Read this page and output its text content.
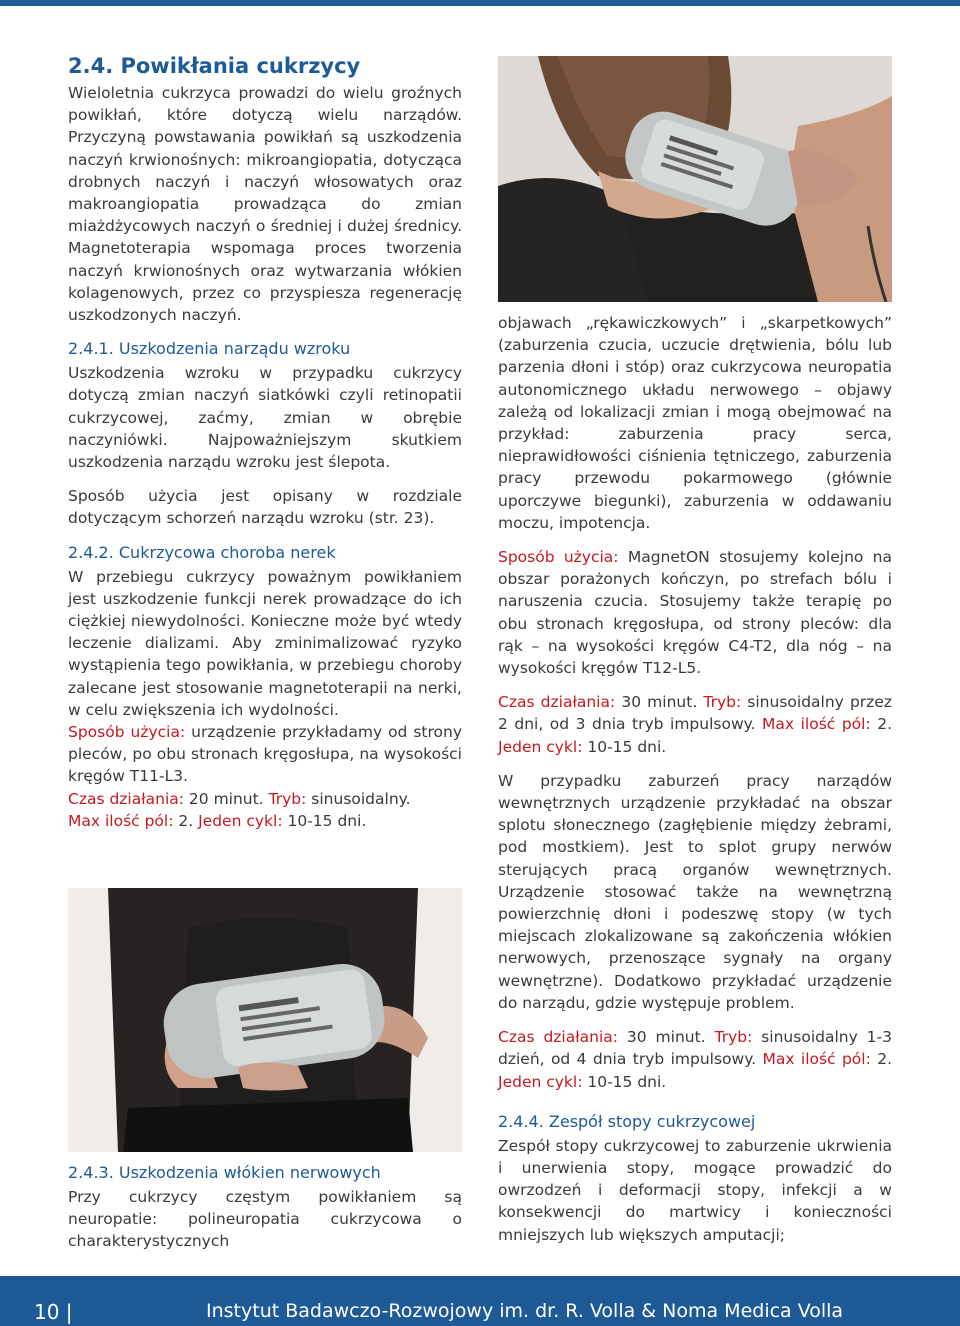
2.4. Powikłania cukrzycy

Wieloletnia cukrzyca prowadzi do wielu groźnych powikłań, które dotyczą wielu narządów. Przyczyną powstawania powikłań są uszkodzenia naczyń krwionośnych: mikroangiopatia, dotycząca drobnych naczyń i naczyń włosowatych oraz makroangiopatia prowadząca do zmian miażdżycowych naczyń o średniej i dużej średnicy. Magnetoterapia wspomaga proces tworzenia naczyń krwionośnych oraz wytwarzania włókien kolagenowych, przez co przyspiesza regenerację uszkodzonych naczyń.

2.4.1. Uszkodzenia narządu wzroku

Uszkodzenia wzroku w przypadku cukrzycy dotyczą zmian naczyń siatkówki czyli retinopatii cukrzycowej, zaćmy, zmian w obrębie naczyniówki. Najpoważniejszym skutkiem uszkodzenia narządu wzroku jest ślepota.

Sposób użycia jest opisany w rozdziale dotyczącym schorzeń narządu wzroku (str. 23).

2.4.2. Cukrzycowa choroba nerek

W przebiegu cukrzycy poważnym powikłaniem jest uszkodzenie funkcji nerek prowadzące do ich ciężkiej niewydolności. Konieczne może być wtedy leczenie dializami. Aby zminimalizować ryzyko wystąpienia tego powikłania, w przebiegu choroby zalecane jest stosowanie magnetoterapii na nerki, w celu zwiększenia ich wydolności.

Sposób użycia: urządzenie przykładamy od strony pleców, po obu stronach kręgosłupa, na wysokości kręgów T11-L3.

Czas działania: 20 minut. Tryb: sinusoidalny.
Max ilość pól: 2. Jeden cykl: 10-15 dni.

2.4.3. Uszkodzenia włókien nerwowych

Przy cukrzycy częstym powikłaniem są neuropatie: polineuropatia cukrzycowa o charakterystycznych

objawach „rękawiczkowych” i „skarpetkowych” (zaburzenia czucia, uczucie drętwienia, bólu lub parzenia dłoni i stóp) oraz cukrzycowa neuropatia autonomicznego układu nerwowego – objawy zależą od lokalizacji zmian i mogą obejmować na przykład: zaburzenia pracy serca, nieprawidłowości ciśnienia tętniczego, zaburzenia pracy przewodu pokarmowego (głównie uporczywe biegunki), zaburzenia w oddawaniu moczu, impotencja.

Sposób użycia: MagnetON stosujemy kolejno na obszar porażonych kończyn, po strefach bólu i naruszenia czucia. Stosujemy także terapię po obu stronach kręgosłupa, od strony pleców: dla rąk – na wysokości kręgów C4-T2, dla nóg – na wysokości kręgów T12-L5.

Czas działania: 30 minut. Tryb: sinusoidalny przez 2 dni, od 3 dnia tryb impulsowy. Max ilość pól: 2. Jeden cykl: 10-15 dni.

W przypadku zaburzeń pracy narządów wewnętrznych urządzenie przykładać na obszar splotu słonecznego (zagłębienie między żebrami, pod mostkiem). Jest to splot grupy nerwów sterujących pracą organów wewnętrznych. Urządzenie stosować także na wewnętrzną powierzchnię dłoni i podeszwę stopy (w tych miejscach zlokalizowane są zakończenia włókien nerwowych, przenoszące sygnały na organy wewnętrzne). Dodatkowo przykładać urządzenie do narządu, gdzie występuje problem.

Czas działania: 30 minut. Tryb: sinusoidalny 1-3 dzień, od 4 dnia tryb impulsowy. Max ilość pól: 2. Jeden cykl: 10-15 dni.

2.4.4. Zespół stopy cukrzycowej

Zespół stopy cukrzycowej to zaburzenie ukrwienia i unerwienia stopy, mogące prowadzić do owrzodzeń i deformacji stopy, infekcji a w konsekwencji do martwicy i konieczności mniejszych lub większych amputacji;

10 |	Instytut Badawczo-Rozwojowy im. dr. R. Volla & Noma Medica Volla
